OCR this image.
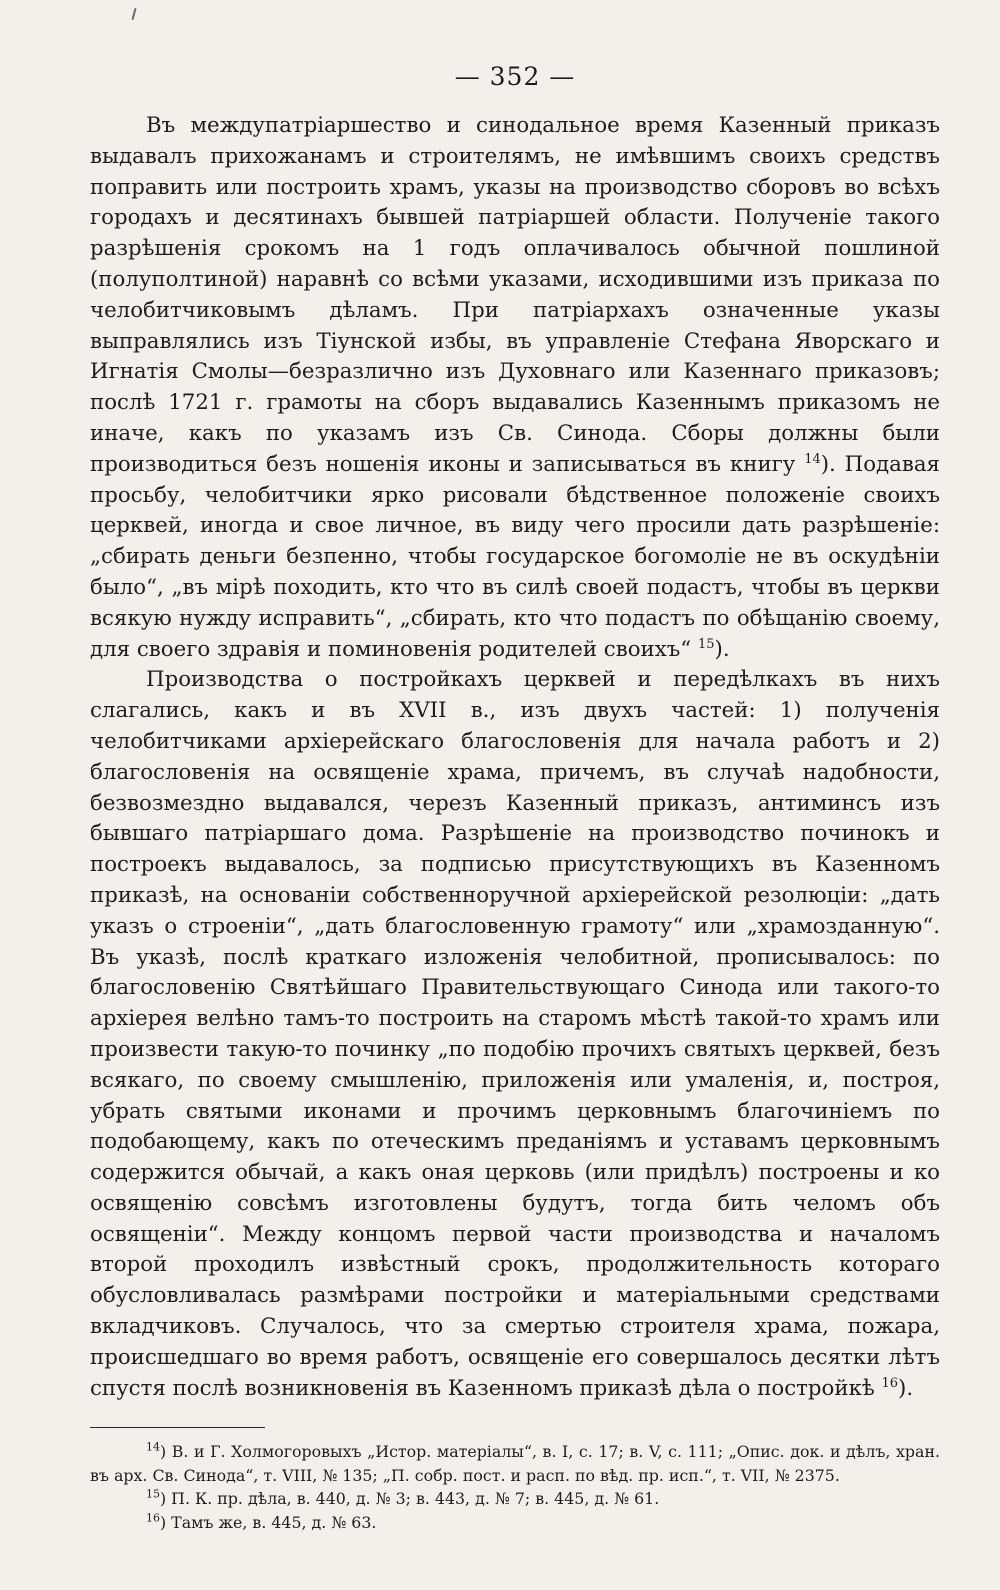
— 352 —

Въ междупатріаршество и синодальное время Казенный приказъ выдавалъ прихожанамъ и строителямъ, не имѣвшимъ своихъ средствъ поправить или построить храмъ, указы на производство сборовъ во всѣхъ городахъ и десятинахъ бывшей патріаршей области. Полученіе такого разрѣшенія срокомъ на 1 годъ оплачивалось обычной пошлиной (полуполтиной) наравнѣ со всѣми указами, исходившими изъ приказа по челобитчиковымъ дѣламъ. При патріархахъ означенные указы выправлялись изъ Тіунской избы, въ управленіе Стефана Яворскаго и Игнатія Смолы—безразлично изъ Духовнаго или Казеннаго приказовъ; послѣ 1721 г. грамоты на сборъ выдавались Казеннымъ приказомъ не иначе, какъ по указамъ изъ Св. Синода. Сборы должны были производиться безъ ношенія иконы и записываться въ книгу $^{14}$). Подавая просьбу, челобитчики ярко рисовали бѣдственное положеніе своихъ церквей, иногда и свое личное, въ виду чего просили дать разрѣшеніе: „сбирать деньги безпенно, чтобы государское богомоліе не въ оскудѣніи было“, „въ мірѣ походить, кто что въ силѣ своей подастъ, чтобы въ церкви всякую нужду исправить“, „сбирать, кто что подастъ по обѣщанію своему, для своего здравія и поминовенія родителей своихъ“ $^{15}$).

Производства о постройкахъ церквей и передѣлкахъ въ нихъ слагались, какъ и въ XVII в., изъ двухъ частей: 1) полученія челобитчиками архіерейскаго благословенія для начала работъ и 2) благословенія на освященіе храма, причемъ, въ случаѣ надобности, безвозмездно выдавался, черезъ Казенный приказъ, антиминсъ изъ бывшаго патріаршаго дома. Разрѣшеніе на производство починокъ и построекъ выдавалось, за подписью присутствующихъ въ Казенномъ приказѣ, на основаніи собственноручной архіерейской резолюціи: „дать указъ о строеніи“, „дать благословенную грамоту“ или „храмозданную“. Въ указѣ, послѣ краткаго изложенія челобитной, прописывалось: по благословенію Святѣйшаго Правительствующаго Синода или такого-то архіерея велѣно тамъ-то построить на старомъ мѣстѣ такой-то храмъ или произвести такую-то починку „по подобію прочихъ святыхъ церквей, безъ всякаго, по своему смышленію, приложенія или умаленія, и, построя, убрать святыми иконами и прочимъ церковнымъ благочиніемъ по подобающему, какъ по отеческимъ преданіямъ и уставамъ церковнымъ содержится обычай, а какъ оная церковь (или придѣлъ) построены и ко освященію совсѣмъ изготовлены будутъ, тогда бить челомъ объ освященіи“. Между концомъ первой части производства и началомъ второй проходилъ извѣстный срокъ, продолжительность котораго обусловливалась размѣрами постройки и матеріальными средствами вкладчиковъ. Случалось, что за смертью строителя храма, пожара, происшедшаго во время работъ, освященіе его совершалось десятки лѣтъ спустя послѣ возникновенія въ Казенномъ приказѣ дѣла о постройкѣ $^{16}$).

$^{14}$) В. и Г. Холмогоровыхъ „Истор. матеріалы“, в. I, с. 17; в. V, с. 111; „Опис. док. и дѣлъ, хран. въ арх. Св. Синода“, т. VIII, № 135; „П. собр. пост. и расп. по вѣд. пр. исп.“, т. VII, № 2375.

$^{15}$) П. К. пр. дѣла, в. 440, д. № 3; в. 443, д. № 7; в. 445, д. № 61.

$^{16}$) Тамъ же, в. 445, д. № 63.
